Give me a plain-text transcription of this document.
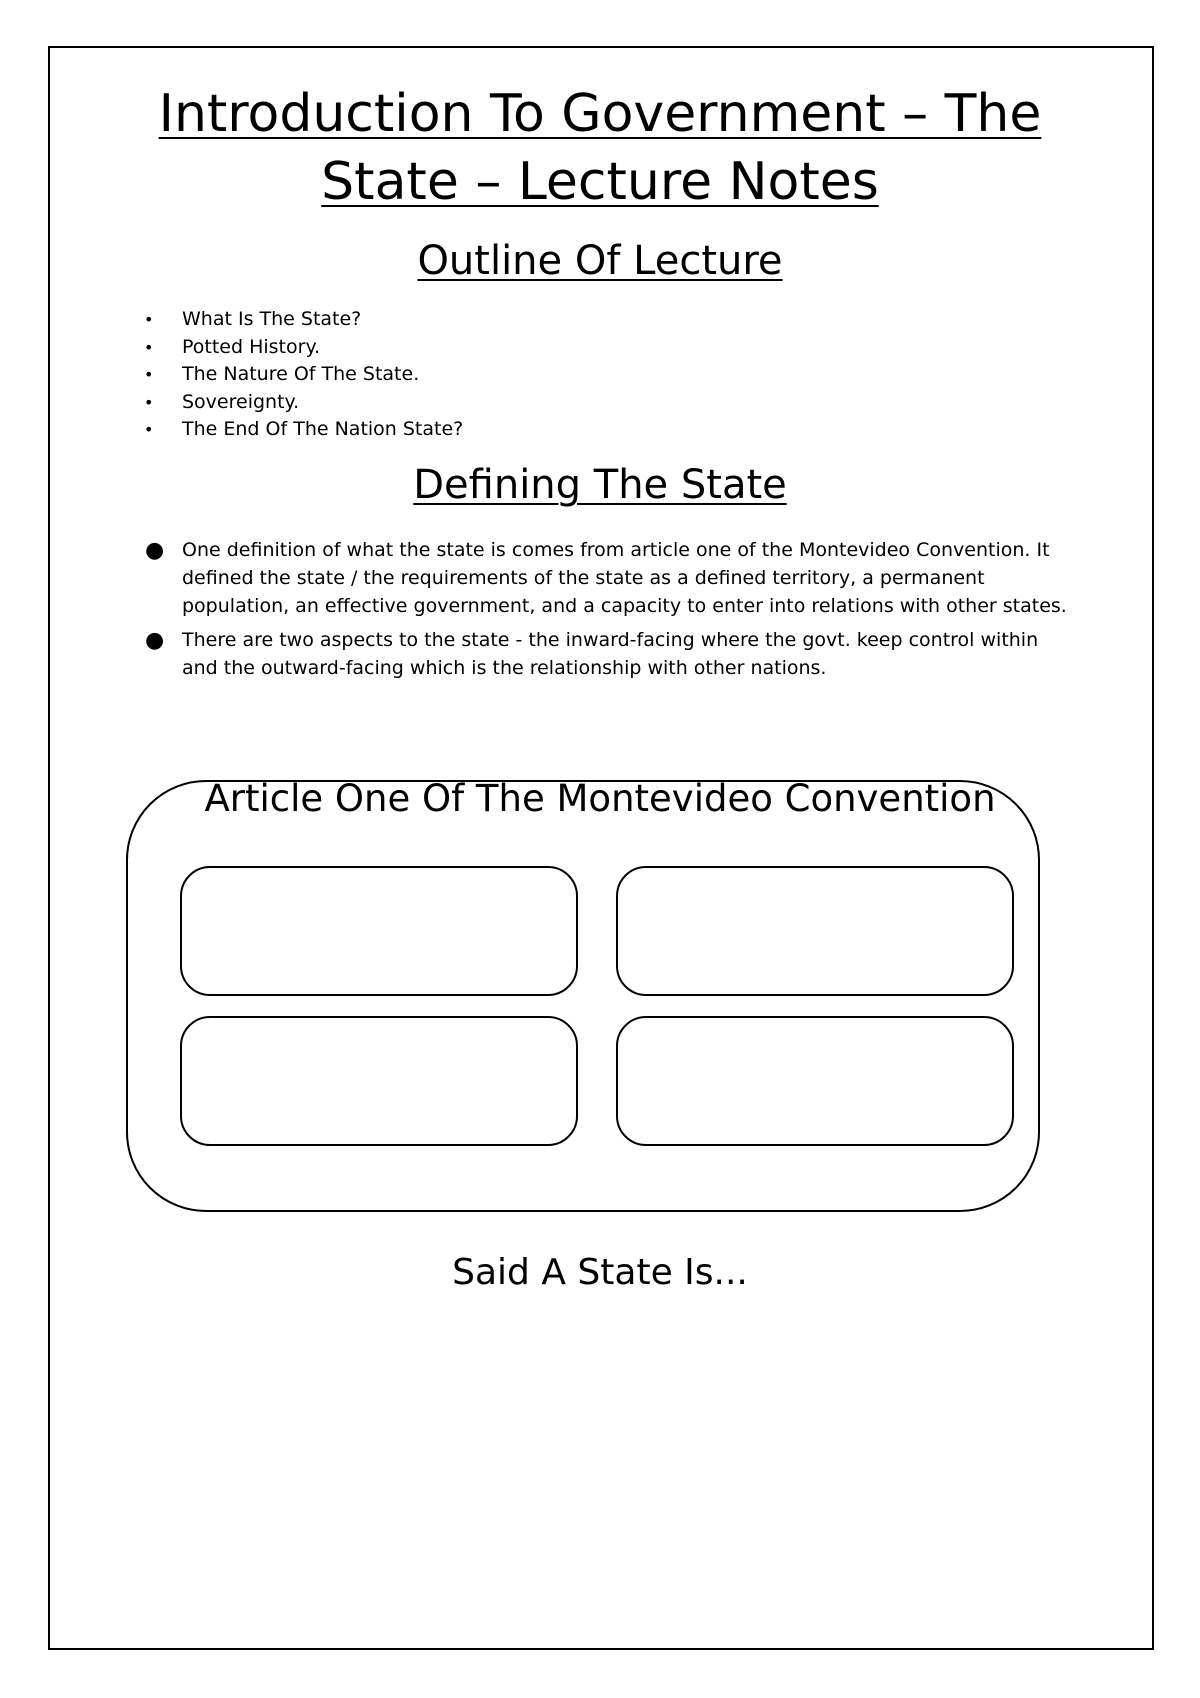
Introduction To Government – The
State – Lecture Notes
Outline Of Lecture
• What Is The State?
• Potted History.
• The Nature Of The State.
• Sovereignty.
• The End Of The Nation State?
Defining The State
● One definition of what the state is comes from article one of the Montevideo Convention. It defined the state / the requirements of the state as a defined territory, a permanent population, an effective government, and a capacity to enter into relations with other states.
● There are two aspects to the state - the inward-facing where the govt. keep control within and the outward-facing which is the relationship with other nations.
Article One Of The Montevideo Convention

Said A State Is...
